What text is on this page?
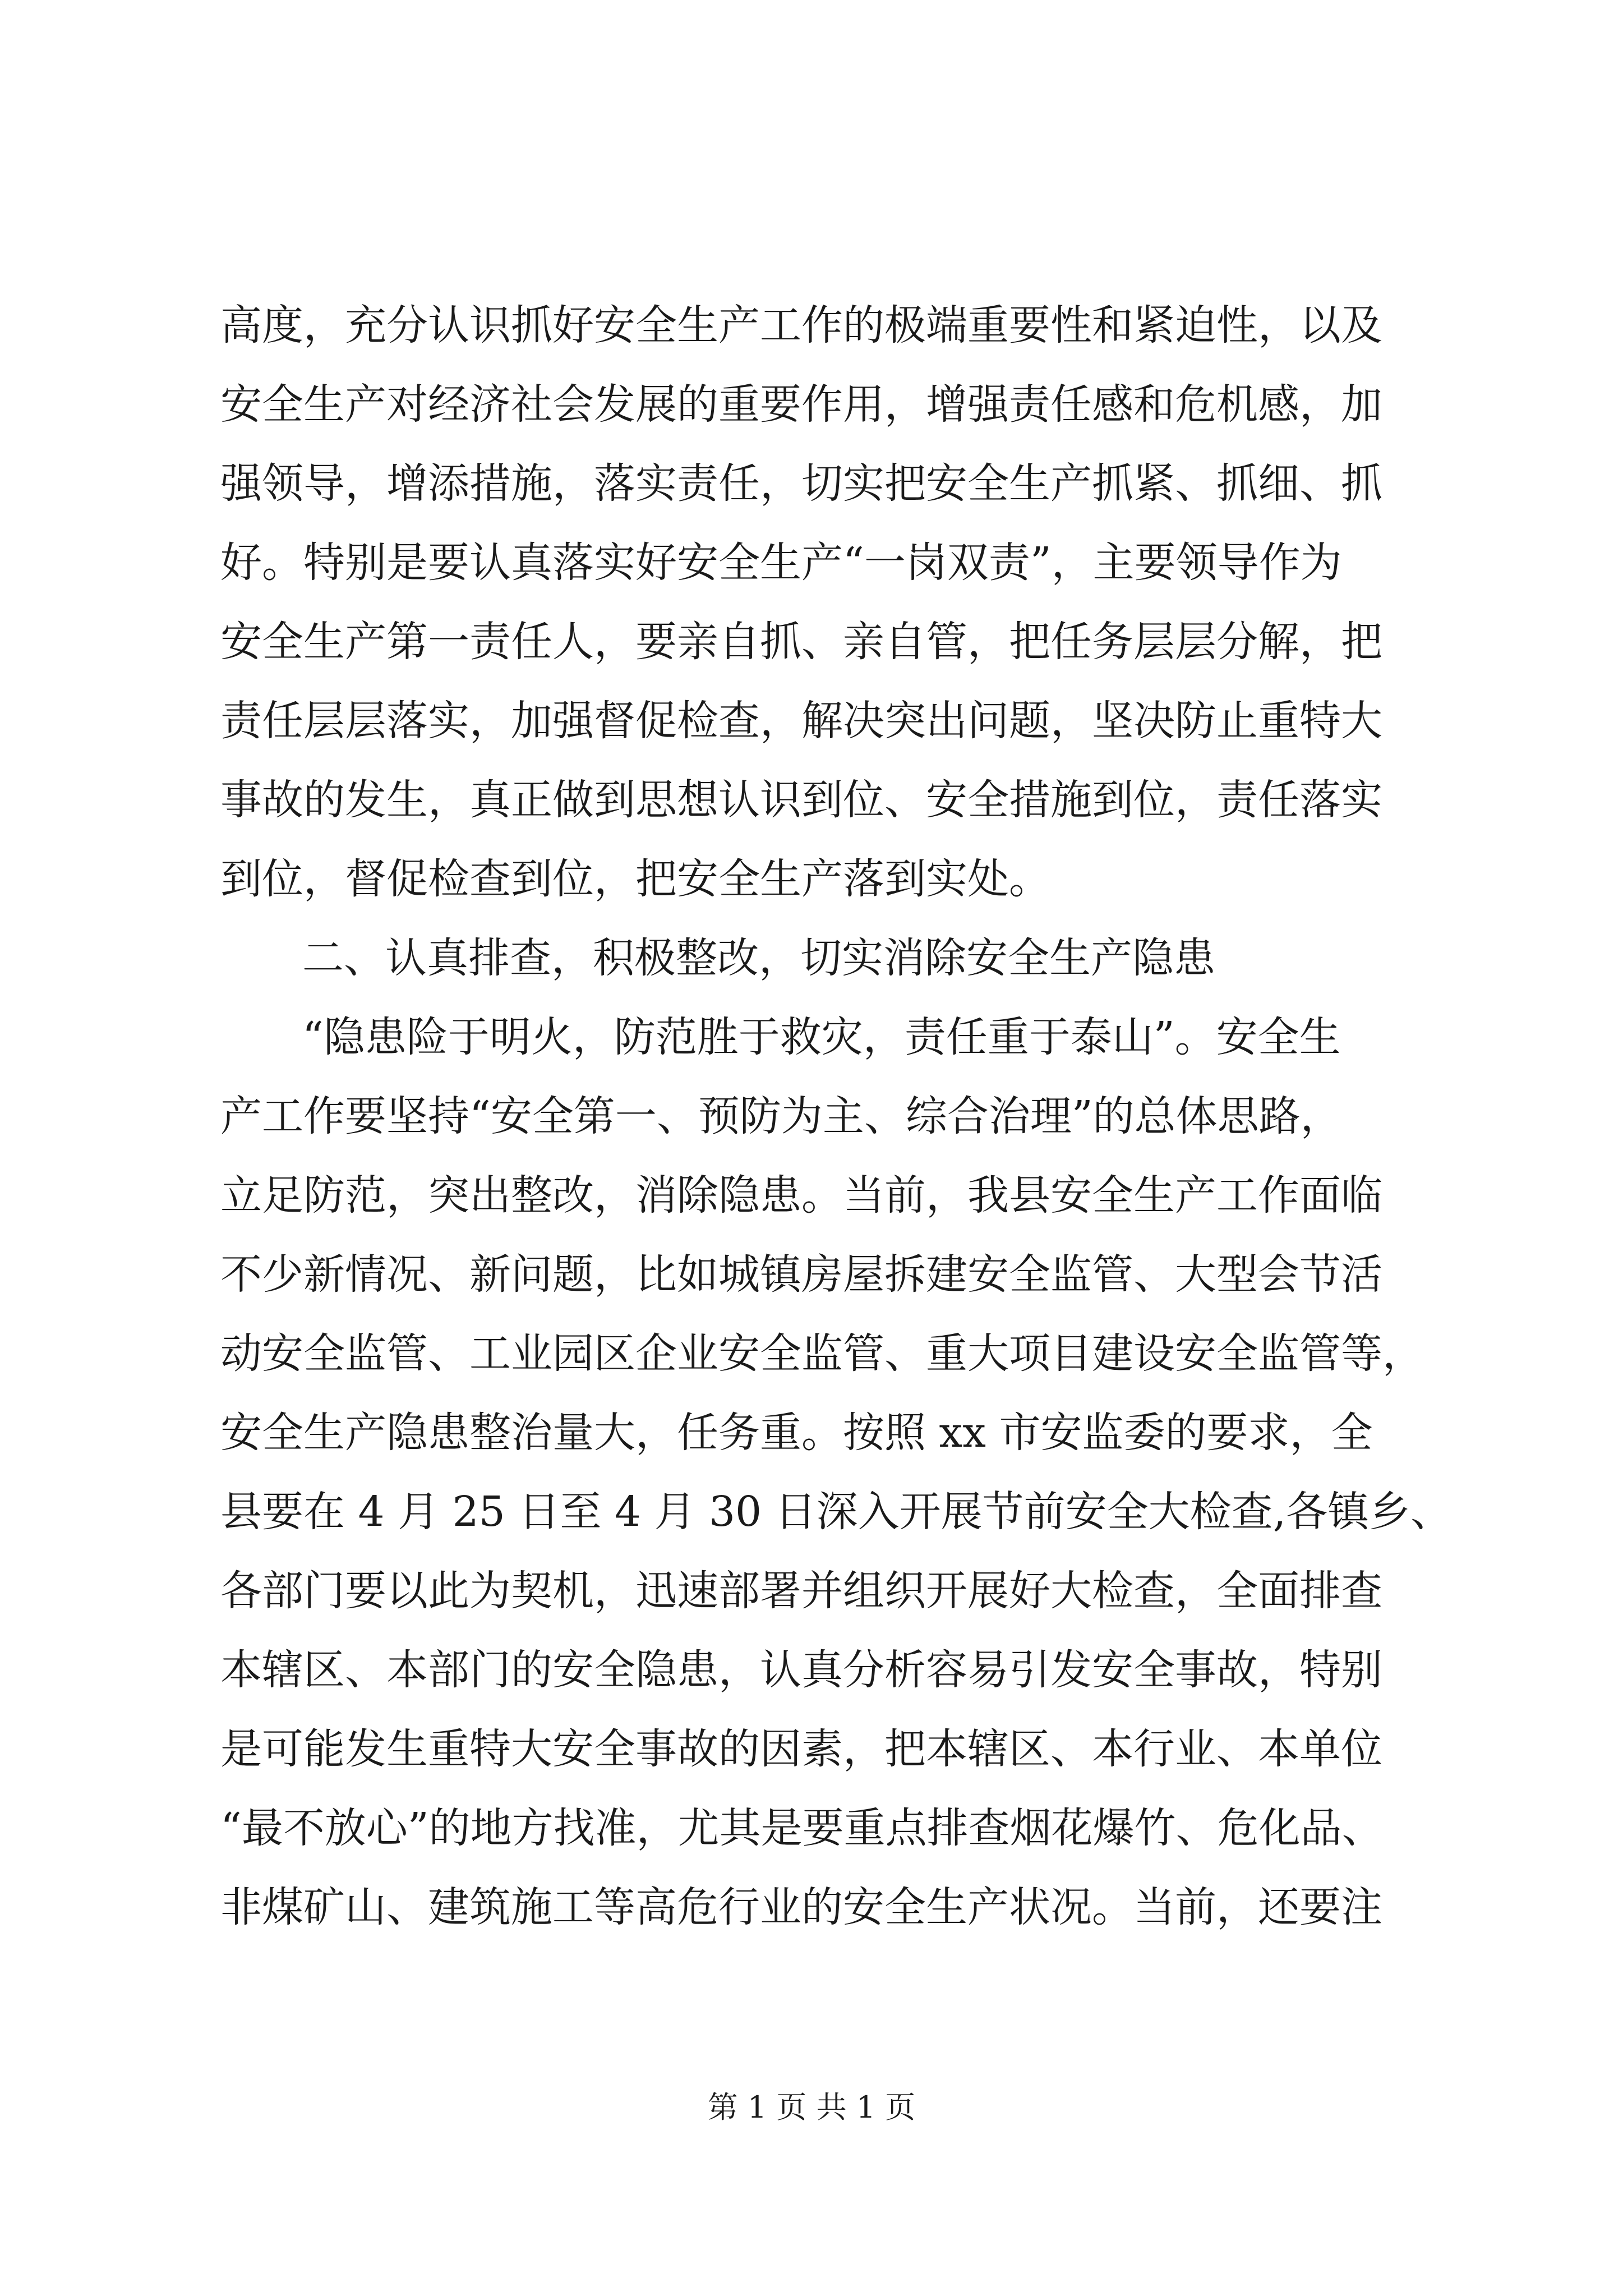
高度，充分认识抓好安全生产工作的极端重要性和紧迫性，以及
安全生产对经济社会发展的重要作用，增强责任感和危机感，加
强领导，增添措施，落实责任，切实把安全生产抓紧、抓细、抓
好。特别是要认真落实好安全生产“一岗双责”，主要领导作为
安全生产第一责任人，要亲自抓、亲自管，把任务层层分解，把
责任层层落实，加强督促检查，解决突出问题，坚决防止重特大
事故的发生，真正做到思想认识到位、安全措施到位，责任落实
到位，督促检查到位，把安全生产落到实处。
二、认真排查，积极整改，切实消除安全生产隐患
“隐患险于明火，防范胜于救灾，责任重于泰山”。安全生
产工作要坚持“安全第一、预防为主、综合治理”的总体思路，
立足防范，突出整改，消除隐患。当前，我县安全生产工作面临
不少新情况、新问题，比如城镇房屋拆建安全监管、大型会节活
动安全监管、工业园区企业安全监管、重大项目建设安全监管等，
安全生产隐患整治量大，任务重。按照 xx 市安监委的要求，全
县要在 4 月 25 日至 4 月 30 日深入开展节前安全大检查,各镇乡、
各部门要以此为契机，迅速部署并组织开展好大检查，全面排查
本辖区、本部门的安全隐患，认真分析容易引发安全事故，特别
是可能发生重特大安全事故的因素，把本辖区、本行业、本单位
“最不放心”的地方找准，尤其是要重点排查烟花爆竹、危化品、
非煤矿山、建筑施工等高危行业的安全生产状况。当前，还要注
第 1 页 共 1 页
